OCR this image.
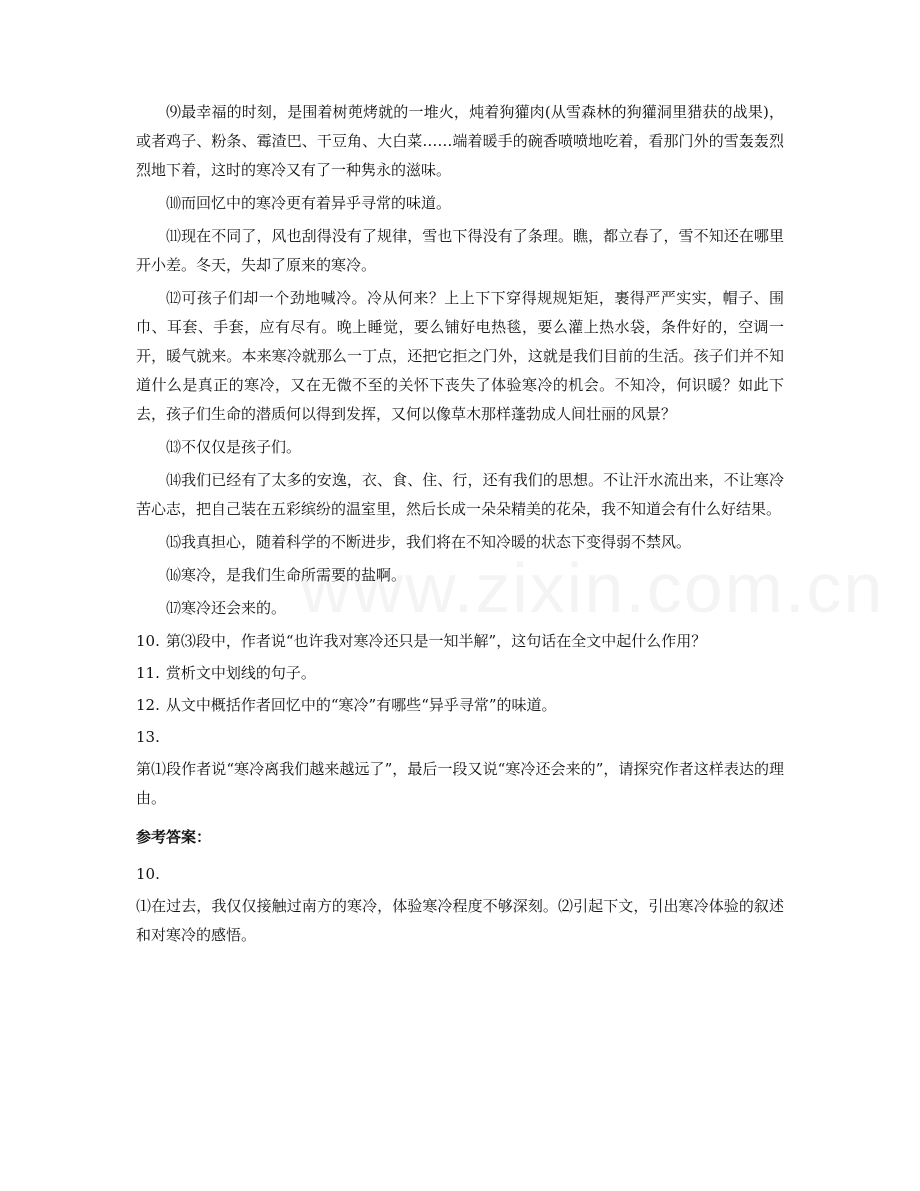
⑼最幸福的时刻，是围着树蔸烤就的一堆火，炖着狗獾肉(从雪森林的狗獾洞里猎获的战果)，或者鸡子、粉条、霉渣巴、干豆角、大白菜……端着暖手的碗香喷喷地吃着，看那门外的雪轰轰烈烈地下着，这时的寒冷又有了一种隽永的滋味。

⑽而回忆中的寒冷更有着异乎寻常的味道。

⑾现在不同了，风也刮得没有了规律，雪也下得没有了条理。瞧，都立春了，雪不知还在哪里开小差。冬天，失却了原来的寒冷。

⑿可孩子们却一个劲地喊冷。冷从何来？上上下下穿得规规矩矩，裹得严严实实，帽子、围巾、耳套、手套，应有尽有。晚上睡觉，要么铺好电热毯，要么灌上热水袋，条件好的，空调一开，暖气就来。本来寒冷就那么一丁点，还把它拒之门外，这就是我们目前的生活。孩子们并不知道什么是真正的寒冷，又在无微不至的关怀下丧失了体验寒冷的机会。不知冷，何识暖？如此下去，孩子们生命的潜质何以得到发挥，又何以像草木那样蓬勃成人间壮丽的风景？

⒀不仅仅是孩子们。

⒁我们已经有了太多的安逸，衣、食、住、行，还有我们的思想。不让汗水流出来，不让寒冷苦心志，把自己装在五彩缤纷的温室里，然后长成一朵朵精美的花朵，我不知道会有什么好结果。

⒂我真担心，随着科学的不断进步，我们将在不知冷暖的状态下变得弱不禁风。

⒃寒冷，是我们生命所需要的盐啊。

⒄寒冷还会来的。

10. 第⑶段中，作者说“也许我对寒冷还只是一知半解”，这句话在全文中起什么作用？
11. 赏析文中划线的句子。
12. 从文中概括作者回忆中的“寒冷”有哪些“异乎寻常”的味道。
13.

第⑴段作者说“寒冷离我们越来越远了”，最后一段又说“寒冷还会来的”，请探究作者这样表达的理由。

参考答案：
10.

⑴在过去，我仅仅接触过南方的寒冷，体验寒冷程度不够深刻。⑵引起下文，引出寒冷体验的叙述和对寒冷的感悟。
